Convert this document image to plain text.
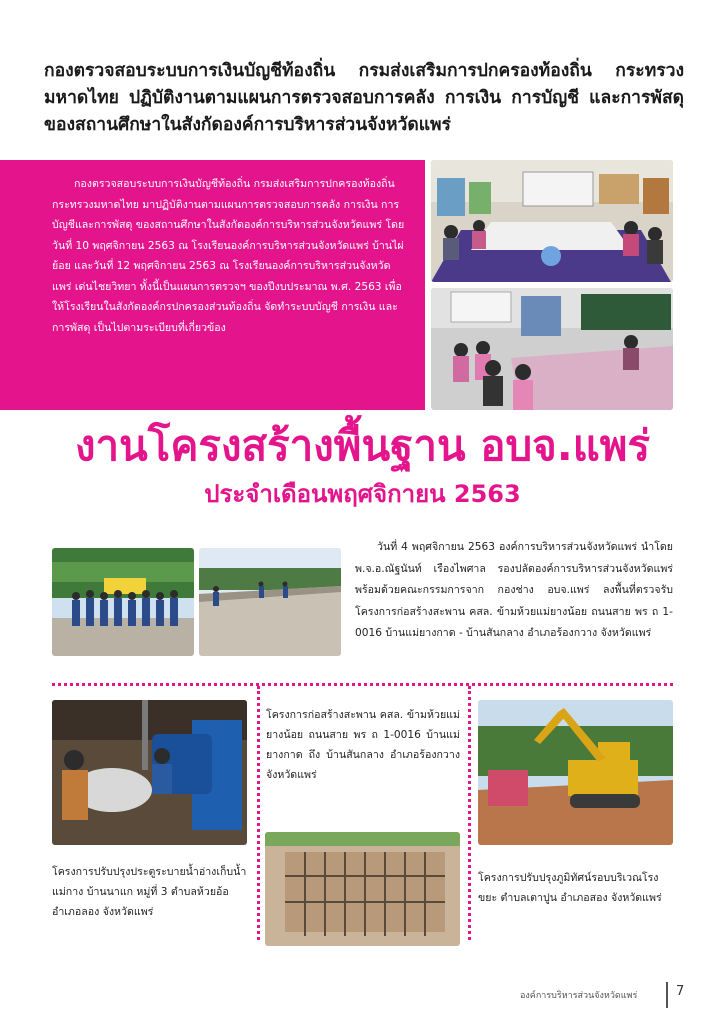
กองตรวจสอบระบบการเงินบัญชีท้องถิ่น กรมส่งเสริมการปกครองท้องถิ่น กระทรวงมหาดไทย ปฏิบัติงานตามแผนการตรวจสอบการคลัง การเงิน การบัญชี และการพัสดุ ของสถานศึกษาในสังกัดองค์การบริหารส่วนจังหวัดแพร่

กองตรวจสอบระบบการเงินบัญชีท้องถิ่น กรมส่งเสริมการปกครองท้องถิ่น กระทรวงมหาดไทย มาปฏิบัติงานตามแผนการตรวจสอบการคลัง การเงิน การบัญชีและการพัสดุ ของสถานศึกษาในสังกัดองค์การบริหารส่วนจังหวัดแพร่ โดยวันที่ 10 พฤศจิกายน 2563 ณ โรงเรียนองค์การบริหารส่วนจังหวัดแพร่ บ้านไผ่ย้อย และวันที่ 12 พฤศจิกายน 2563 ณ โรงเรียนองค์การบริหารส่วนจังหวัดแพร่ เด่นไชยวิทยา ทั้งนี้เป็นแผนการตรวจฯ ของปีงบประมาณ พ.ศ. 2563 เพื่อให้โรงเรียนในสังกัดองค์กรปกครองส่วนท้องถิ่น จัดทำระบบบัญชี การเงิน และการพัสดุ เป็นไปตามระเบียบที่เกี่ยวข้อง

งานโครงสร้างพื้นฐาน อบจ.แพร่
ประจำเดือนพฤศจิกายน 2563

วันที่ 4 พฤศจิกายน 2563 องค์การบริหารส่วนจังหวัดแพร่ นำโดย พ.จ.อ.ณัฐนันท์ เรืองไพศาล รองปลัดองค์การบริหารส่วนจังหวัดแพร่ พร้อมด้วยคณะกรรมการจาก กองช่าง อบจ.แพร่ ลงพื้นที่ตรวจรับโครงการก่อสร้างสะพาน คสล. ข้ามห้วยแม่ยางน้อย ถนนสาย พร ถ 1-0016 บ้านแม่ยางกาด - บ้านสันกลาง อำเภอร้องกวาง จังหวัดแพร่

โครงการปรับปรุงประตูระบายน้ำอ่างเก็บน้ำแม่กาง บ้านนาแก หมู่ที่ 3 ตำบลห้วยอ้อ อำเภอลอง จังหวัดแพร่

โครงการก่อสร้างสะพาน คสล. ข้ามห้วยแม่ยางน้อย ถนนสาย พร ถ 1-0016 บ้านแม่ยางกาด ถึง บ้านสันกลาง อำเภอร้องกวาง จังหวัดแพร่

โครงการปรับปรุงภูมิทัศน์รอบบริเวณโรงขยะ ตำบลเตาปูน อำเภอสอง จังหวัดแพร่

องค์การบริหารส่วนจังหวัดแพร่	7
